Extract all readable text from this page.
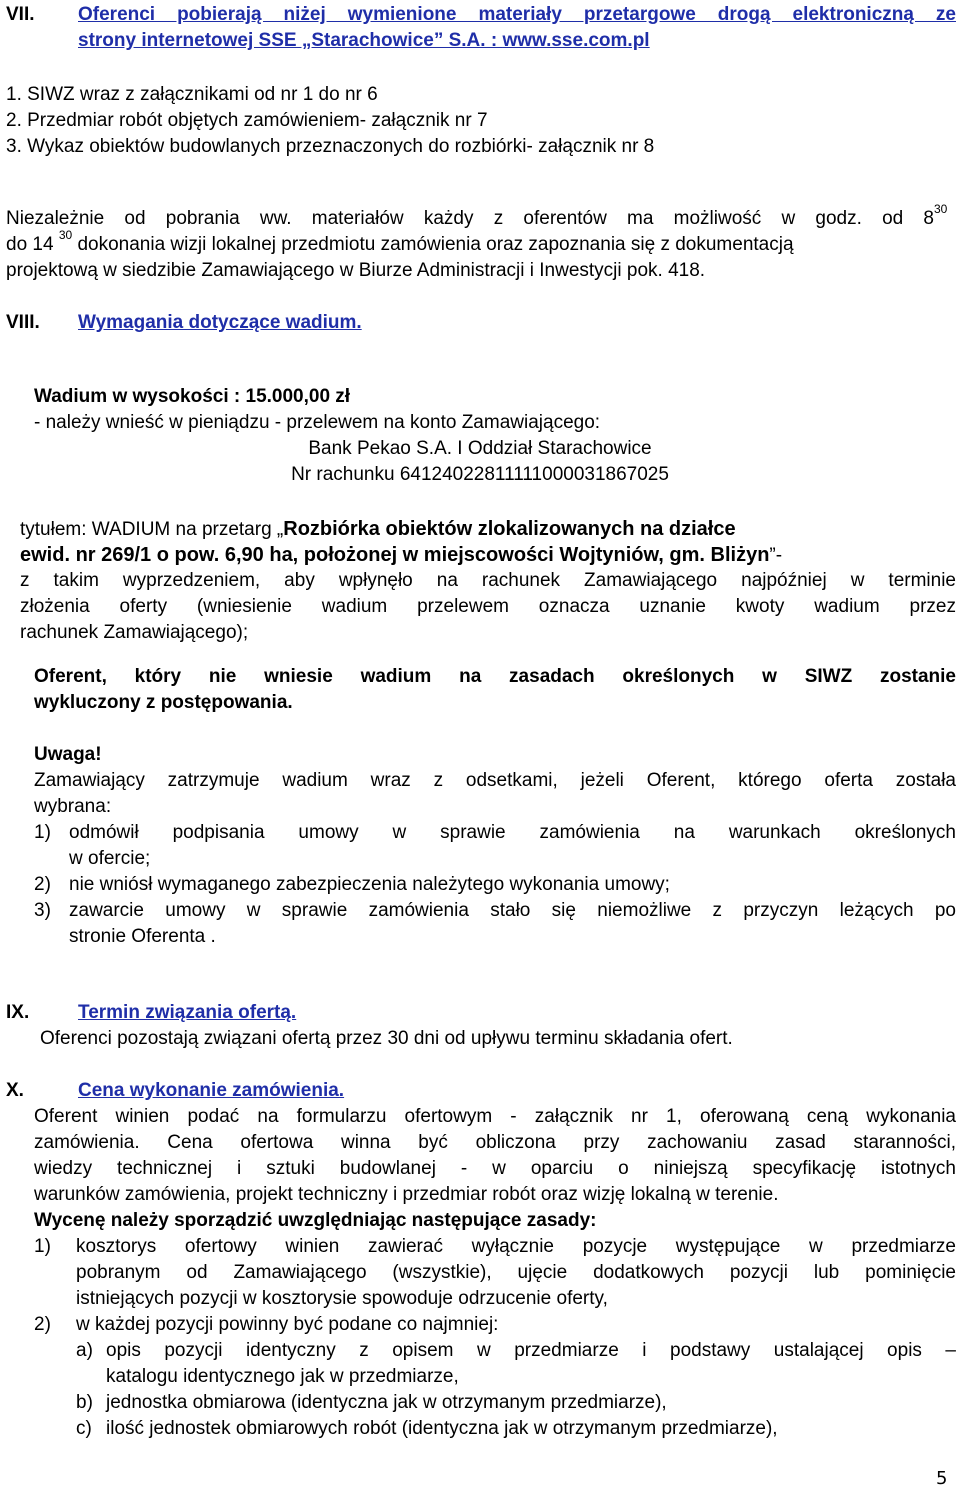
VII. Oferenci pobierają niżej wymienione materiały przetargowe drogą elektroniczną ze
strony internetowej SSE „Starachowice” S.A. : www.sse.com.pl
1. SIWZ wraz z załącznikami od nr 1 do nr 6
2. Przedmiar robót objętych zamówieniem- załącznik nr 7
3. Wykaz obiektów budowlanych przeznaczonych do rozbiórki- załącznik nr 8
Niezależnie od pobrania ww. materiałów każdy z oferentów ma możliwość w godz. od $8^{30}$
do 14 $^{30}$ dokonania wizji lokalnej przedmiotu zamówienia oraz zapoznania się z dokumentacją
projektową w siedzibie Zamawiającego w Biurze Administracji i Inwestycji pok. 418.
VIII. Wymagania dotyczące wadium.
Wadium w wysokości : 15.000,00 zł
- należy wnieść w pieniądzu - przelewem na konto Zamawiającego:
Bank Pekao S.A. I Oddział Starachowice
Nr rachunku 64124022811111000031867025
tytułem: WADIUM na przetarg „Rozbiórka obiektów zlokalizowanych na działce
ewid. nr 269/1 o pow. 6,90 ha, położonej w miejscowości Wojtyniów, gm. Bliżyn”-
z takim wyprzedzeniem, aby wpłynęło na rachunek Zamawiającego najpóźniej w terminie
złożenia oferty (wniesienie wadium przelewem oznacza uznanie kwoty wadium przez
rachunek Zamawiającego);
Oferent, który nie wniesie wadium na zasadach określonych w SIWZ zostanie
wykluczony z postępowania.
Uwaga!
Zamawiający zatrzymuje wadium wraz z odsetkami, jeżeli Oferent, którego oferta została
wybrana:
1) odmówił podpisania umowy w sprawie zamówienia na warunkach określonych
w ofercie;
2) nie wniósł wymaganego zabezpieczenia należytego wykonania umowy;
3) zawarcie umowy w sprawie zamówienia stało się niemożliwe z przyczyn leżących po
stronie Oferenta .
IX.	Termin związania ofertą.
Oferenci pozostają związani ofertą przez 30 dni od upływu terminu składania ofert.
X.	Cena wykonanie zamówienia.
Oferent winien podać na formularzu ofertowym - załącznik nr 1, oferowaną ceną wykonania
zamówienia. Cena ofertowa winna być obliczona przy zachowaniu zasad staranności,
wiedzy technicznej i sztuki budowlanej - w oparciu o niniejszą specyfikację istotnych
warunków zamówienia, projekt techniczny i przedmiar robót oraz wizję lokalną w terenie.
Wycenę należy sporządzić uwzględniając następujące zasady:
1) kosztorys ofertowy winien zawierać wyłącznie pozycje występujące w przedmiarze
pobranym od Zamawiającego (wszystkie), ujęcie dodatkowych pozycji lub pominięcie
istniejących pozycji w kosztorysie spowoduje odrzucenie oferty,
2) w każdej pozycji powinny być podane co najmniej:
a) opis pozycji identyczny z opisem w przedmiarze i podstawy ustalającej opis –
katalogu identycznego jak w przedmiarze,
b) jednostka obmiarowa (identyczna jak w otrzymanym przedmiarze),
c) ilość jednostek obmiarowych robót (identyczna jak w otrzymanym przedmiarze),
5
